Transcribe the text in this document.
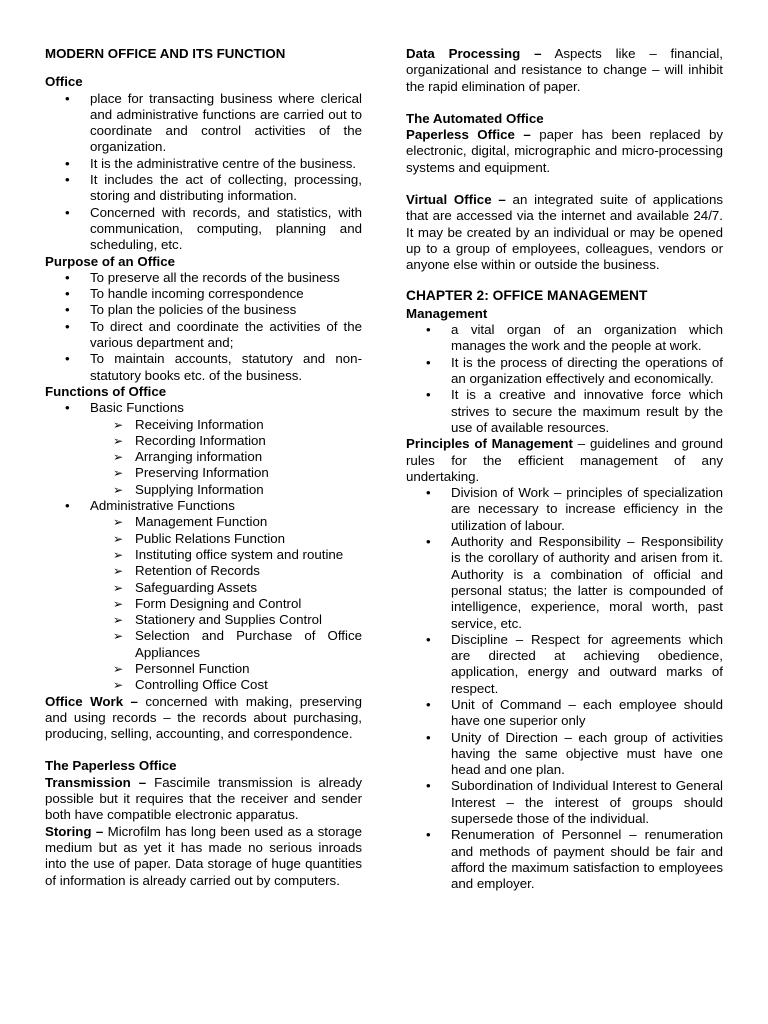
MODERN OFFICE AND ITS FUNCTION

Office

• place for transacting business where clerical and administrative functions are carried out to coordinate and control activities of the organization.
• It is the administrative centre of the business.
• It includes the act of collecting, processing, storing and distributing information.
• Concerned with records, and statistics, with communication, computing, planning and scheduling, etc.

Purpose of an Office

• To preserve all the records of the business
• To handle incoming correspondence
• To plan the policies of the business
• To direct and coordinate the activities of the various department and;
• To maintain accounts, statutory and non-statutory books etc. of the business.

Functions of Office

• Basic Functions
➢ Receiving Information
➢ Recording Information
➢ Arranging information
➢ Preserving Information
➢ Supplying Information
• Administrative Functions
➢ Management Function
➢ Public Relations Function
➢ Instituting office system and routine
➢ Retention of Records
➢ Safeguarding Assets
➢ Form Designing and Control
➢ Stationery and Supplies Control
➢ Selection and Purchase of Office Appliances
➢ Personnel Function
➢ Controlling Office Cost

Office Work – concerned with making, preserving and using records – the records about purchasing, producing, selling, accounting, and correspondence.

The Paperless Office

Transmission – Fascimile transmission is already possible but it requires that the receiver and sender both have compatible electronic apparatus.

Storing – Microfilm has long been used as a storage medium but as yet it has made no serious inroads into the use of paper. Data storage of huge quantities of information is already carried out by computers.

Data Processing – Aspects like – financial, organizational and resistance to change – will inhibit the rapid elimination of paper.

The Automated Office

Paperless Office – paper has been replaced by electronic, digital, micrographic and micro-processing systems and equipment.

Virtual Office – an integrated suite of applications that are accessed via the internet and available 24/7. It may be created by an individual or may be opened up to a group of employees, colleagues, vendors or anyone else within or outside the business.

CHAPTER 2: OFFICE MANAGEMENT

Management

• a vital organ of an organization which manages the work and the people at work.
• It is the process of directing the operations of an organization effectively and economically.
• It is a creative and innovative force which strives to secure the maximum result by the use of available resources.

Principles of Management – guidelines and ground rules for the efficient management of any undertaking.

• Division of Work – principles of specialization are necessary to increase efficiency in the utilization of labour.
• Authority and Responsibility – Responsibility is the corollary of authority and arisen from it. Authority is a combination of official and personal status; the latter is compounded of intelligence, experience, moral worth, past service, etc.
• Discipline – Respect for agreements which are directed at achieving obedience, application, energy and outward marks of respect.
• Unit of Command – each employee should have one superior only
• Unity of Direction – each group of activities having the same objective must have one head and one plan.
• Subordination of Individual Interest to General Interest – the interest of groups should supersede those of the individual.
• Renumeration of Personnel – renumeration and methods of payment should be fair and afford the maximum satisfaction to employees and employer.
